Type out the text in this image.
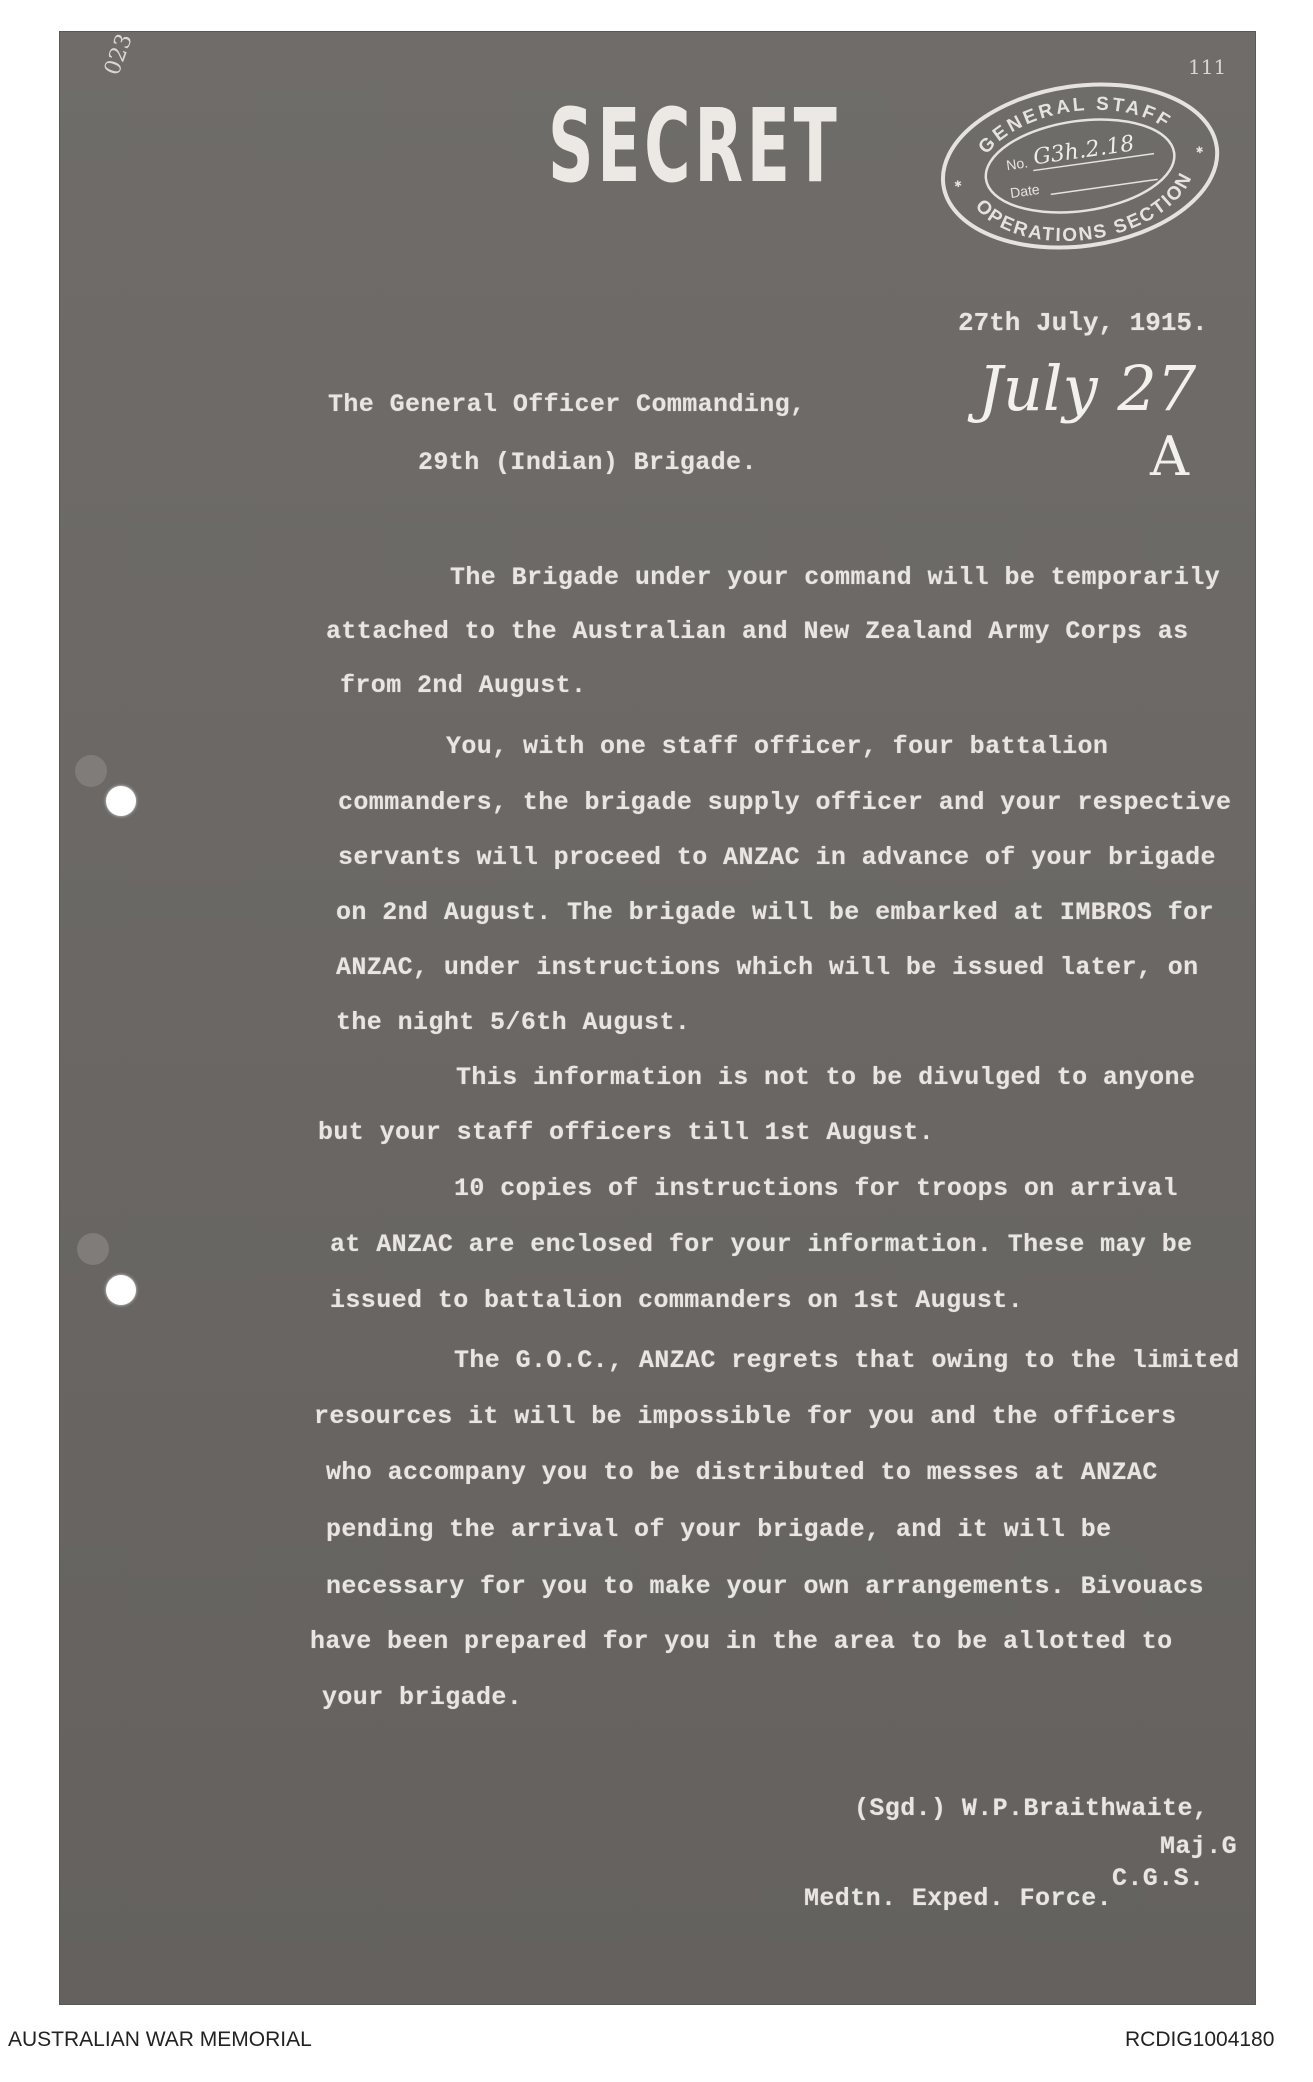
023	111
SECRET	GENERAL STAFF
OPERATIONS SECTION
No. G3h.2.18
Date
✱
✱
27th July, 1915.
July 27
A
The General Officer Commanding,
29th (Indian) Brigade.
The Brigade under your command will be temporarily
attached to the Australian and New Zealand Army Corps as
from 2nd August.
You, with one staff officer, four battalion
commanders, the brigade supply officer and your respective
servants will proceed to ANZAC in advance of your brigade
on 2nd August. The brigade will be embarked at IMBROS for
ANZAC, under instructions which will be issued later, on
the night 5/6th August.
This information is not to be divulged to anyone
but your staff officers till 1st August.
10 copies of instructions for troops on arrival
at ANZAC are enclosed for your information. These may be
issued to battalion commanders on 1st August.
The G.O.C., ANZAC regrets that owing to the limited
resources it will be impossible for you and the officers
who accompany you to be distributed to messes at ANZAC
pending the arrival of your brigade, and it will be
necessary for you to make your own arrangements. Bivouacs
have been prepared for you in the area to be allotted to
your brigade.
(Sgd.) W.P.Braithwaite,
Maj.G
C.G.S.
Medtn. Exped. Force.
AUSTRALIAN WAR MEMORIAL	RCDIG1004180
